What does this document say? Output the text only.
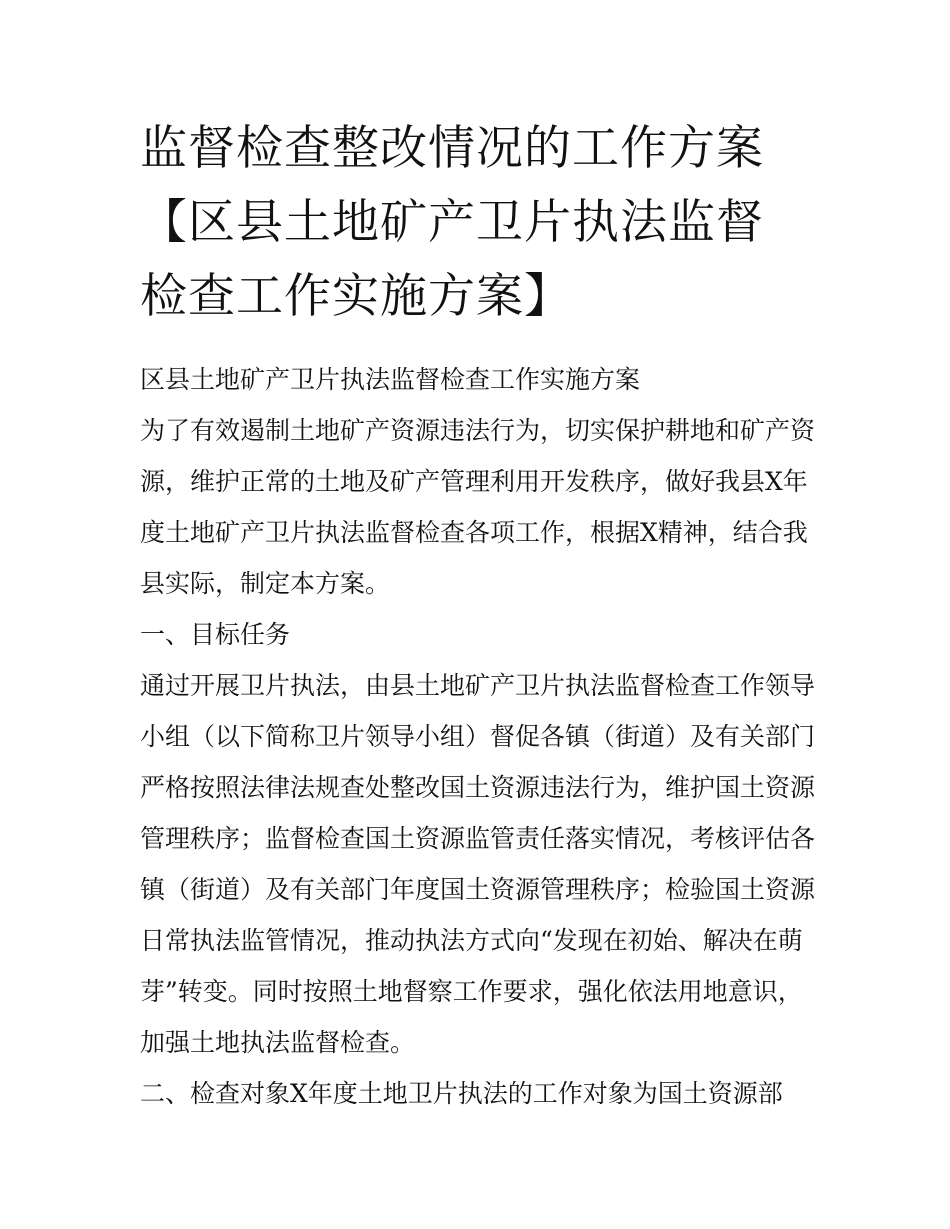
监督检查整改情况的工作方案
【区县土地矿产卫片执法监督
检查工作实施方案】
区县土地矿产卫片执法监督检查工作实施方案
为了有效遏制土地矿产资源违法行为，切实保护耕地和矿产资
源，维护正常的土地及矿产管理利用开发秩序，做好我县X年
度土地矿产卫片执法监督检查各项工作，根据X精神，结合我
县实际，制定本方案。
一、目标任务
通过开展卫片执法，由县土地矿产卫片执法监督检查工作领导
小组（以下简称卫片领导小组）督促各镇（街道）及有关部门
严格按照法律法规查处整改国土资源违法行为，维护国土资源
管理秩序；监督检查国土资源监管责任落实情况，考核评估各
镇（街道）及有关部门年度国土资源管理秩序；检验国土资源
日常执法监管情况，推动执法方式向“发现在初始、解决在萌
芽”转变。同时按照土地督察工作要求，强化依法用地意识，
加强土地执法监督检查。
二、检查对象X年度土地卫片执法的工作对象为国土资源部
